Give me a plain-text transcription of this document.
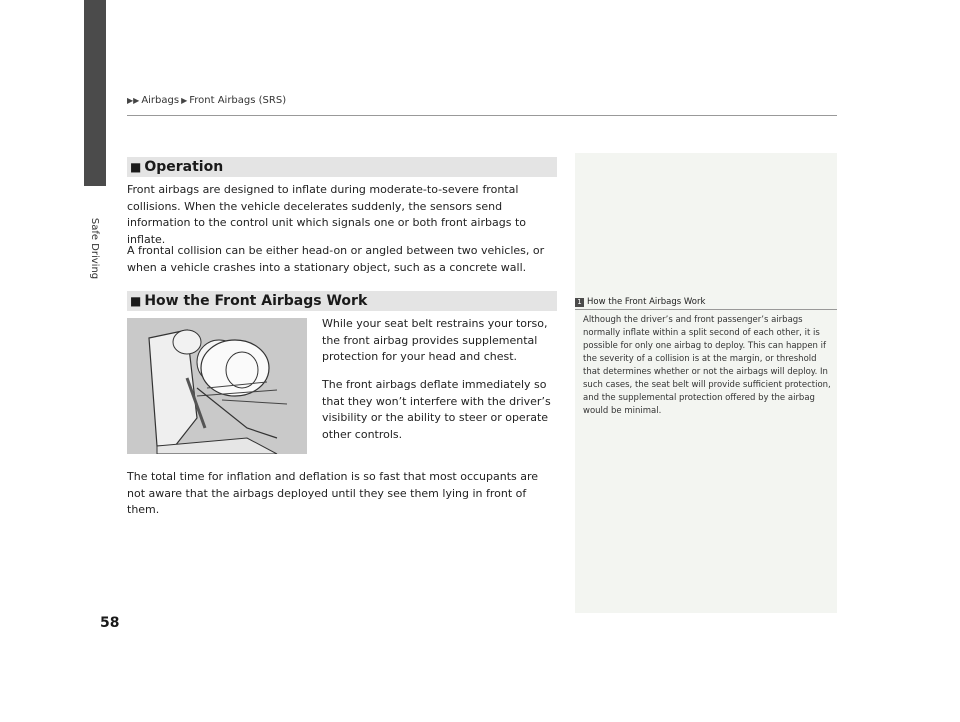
Safe Driving
▶▶ Airbags ▶ Front Airbags (SRS)
■ Operation

Front airbags are designed to inflate during moderate-to-severe frontal collisions. When the vehicle decelerates suddenly, the sensors send information to the control unit which signals one or both front airbags to inflate.

A frontal collision can be either head-on or angled between two vehicles, or when a vehicle crashes into a stationary object, such as a concrete wall.

■ How the Front Airbags Work

While your seat belt restrains your torso, the front airbag provides supplemental protection for your head and chest.

The front airbags deflate immediately so that they won’t interfere with the driver’s visibility or the ability to steer or operate other controls.

The total time for inflation and deflation is so fast that most occupants are not aware that the airbags deployed until they see them lying in front of them.

1 How the Front Airbags Work

Although the driver’s and front passenger’s airbags normally inflate within a split second of each other, it is possible for only one airbag to deploy. This can happen if the severity of a collision is at the margin, or threshold that determines whether or not the airbags will deploy. In such cases, the seat belt will provide sufficient protection, and the supplemental protection offered by the airbag would be minimal.

58
